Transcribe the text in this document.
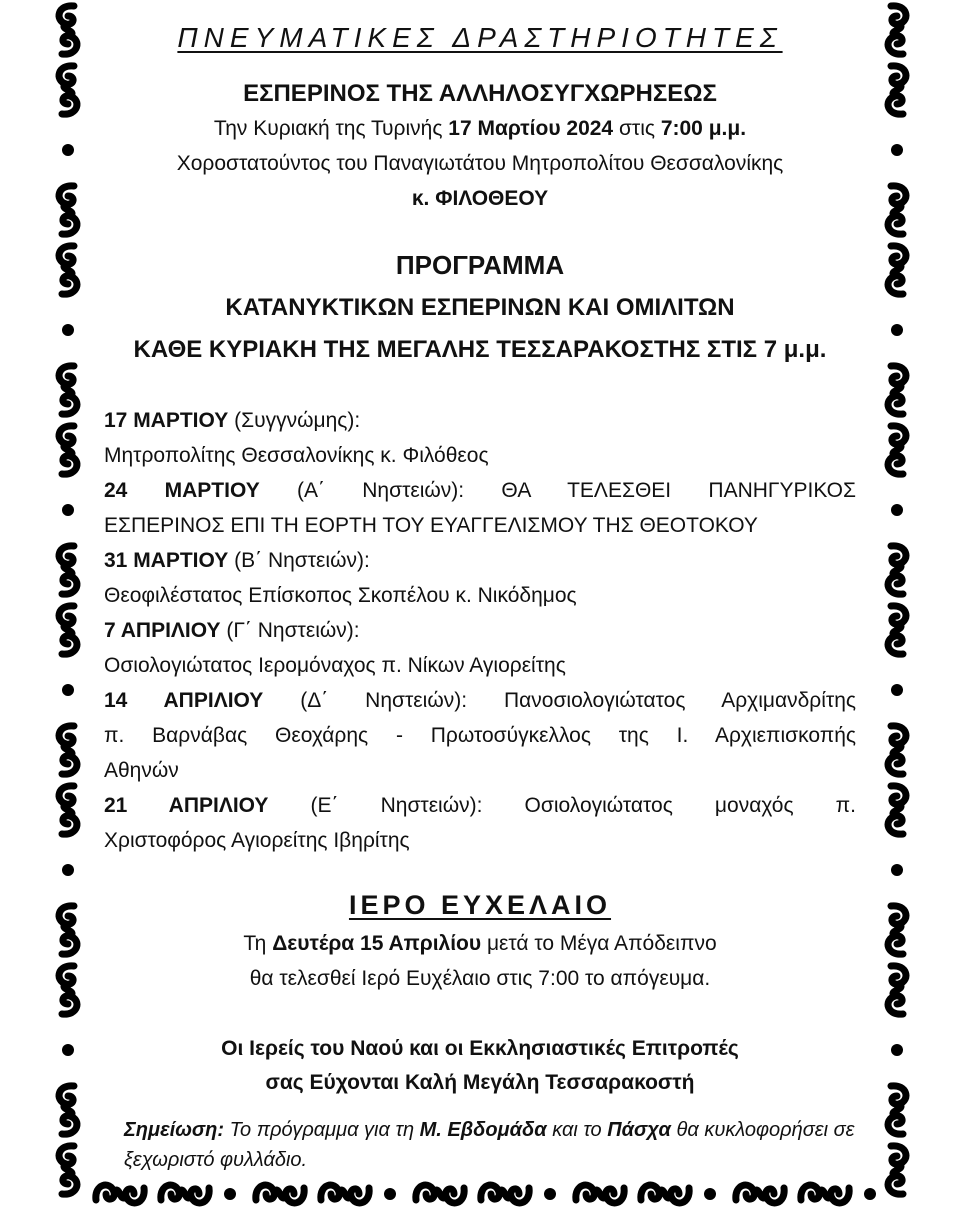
ΠΝΕΥΜΑΤΙΚΕΣ ΔΡΑΣΤΗΡΙΟΤΗΤΕΣ
ΕΣΠΕΡΙΝΟΣ ΤΗΣ ΑΛΛΗΛΟΣΥΓΧΩΡΗΣΕΩΣ
Την Κυριακή της Τυρινής 17 Μαρτίου 2024 στις 7:00 μ.μ.
Χοροστατούντος του Παναγιωτάτου Μητροπολίτου Θεσσαλονίκης
κ. ΦΙΛΟΘΕΟΥ
ΠΡΟΓΡΑΜΜΑ
ΚΑΤΑΝΥΚΤΙΚΩΝ ΕΣΠΕΡΙΝΩΝ ΚΑΙ ΟΜΙΛΙΤΩΝ
ΚΑΘΕ ΚΥΡΙΑΚΗ ΤΗΣ ΜΕΓΑΛΗΣ ΤΕΣΣΑΡΑΚΟΣΤΗΣ ΣΤΙΣ 7 μ.μ.

17 ΜΑΡΤΙΟΥ (Συγγνώμης):

Μητροπολίτης Θεσσαλονίκης κ. Φιλόθεος

24 ΜΑΡΤΙΟΥ (Α΄ Νηστειών): ΘΑ ΤΕΛΕΣΘΕΙ ΠΑΝΗΓΥΡΙΚΟΣ

ΕΣΠΕΡΙΝΟΣ ΕΠΙ ΤΗ ΕΟΡΤΗ ΤΟΥ ΕΥΑΓΓΕΛΙΣΜΟΥ ΤΗΣ ΘΕΟΤΟΚΟΥ

31 ΜΑΡΤΙΟΥ (Β΄ Νηστειών):

Θεοφιλέστατος Επίσκοπος Σκοπέλου κ. Νικόδημος

7 ΑΠΡΙΛΙΟΥ (Γ΄ Νηστειών):

Οσιολογιώτατος Ιερομόναχος π. Νίκων Αγιορείτης

14 ΑΠΡΙΛΙΟΥ (Δ΄ Νηστειών): Πανοσιολογιώτατος Αρχιμανδρίτης

π. Βαρνάβας Θεοχάρης - Πρωτοσύγκελλος της Ι. Αρχιεπισκοπής

Αθηνών

21 ΑΠΡΙΛΙΟΥ (Ε΄ Νηστειών): Οσιολογιώτατος μοναχός π.

Χριστοφόρος Αγιορείτης Ιβηρίτης

ΙΕΡΟ ΕΥΧΕΛΑΙΟ
Τη Δευτέρα 15 Απριλίου μετά το Μέγα Απόδειπνο
θα τελεσθεί Ιερό Ευχέλαιο στις 7:00 το απόγευμα.
Οι Ιερείς του Ναού και οι Εκκλησιαστικές Επιτροπές
σας Εύχονται Καλή Μεγάλη Τεσσαρακοστή
Σημείωση: Το πρόγραμμα για τη Μ. Εβδομάδα και το Πάσχα θα κυκλοφορήσει σε ξεχωριστό φυλλάδιο.
